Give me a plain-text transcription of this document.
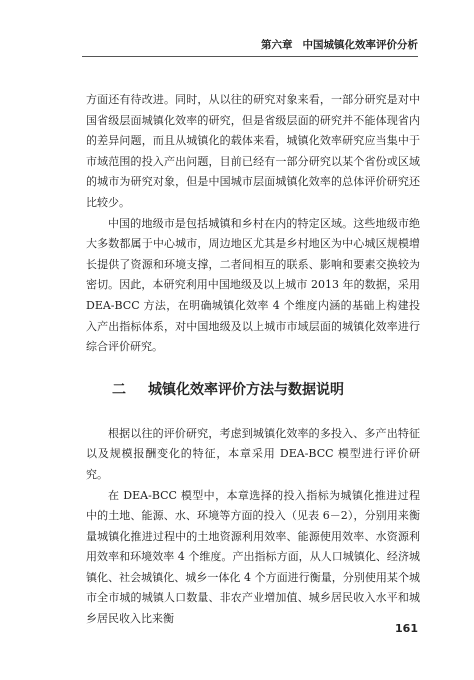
第六章 中国城镇化效率评价分析

方面还有待改进。同时，从以往的研究对象来看，一部分研究是对中国省级层面城镇化效率的研究，但是省级层面的研究并不能体现省内的差异问题，而且从城镇化的载体来看，城镇化效率研究应当集中于市域范围的投入产出问题，目前已经有一部分研究以某个省份或区域的城市为研究对象，但是中国城市层面城镇化效率的总体评价研究还比较少。

中国的地级市是包括城镇和乡村在内的特定区域。这些地级市绝大多数都属于中心城市，周边地区尤其是乡村地区为中心城区规模增长提供了资源和环境支撑，二者间相互的联系、影响和要素交换较为密切。因此，本研究利用中国地级及以上城市 2013 年的数据，采用 DEA-BCC 方法，在明确城镇化效率 4 个维度内涵的基础上构建投入产出指标体系，对中国地级及以上城市市域层面的城镇化效率进行综合评价研究。

二 城镇化效率评价方法与数据说明

根据以往的评价研究，考虑到城镇化效率的多投入、多产出特征以及规模报酬变化的特征，本章采用 DEA-BCC 模型进行评价研究。

在 DEA-BCC 模型中，本章选择的投入指标为城镇化推进过程中的土地、能源、水、环境等方面的投入（见表 6－2），分别用来衡量城镇化推进过程中的土地资源利用效率、能源使用效率、水资源利用效率和环境效率 4 个维度。产出指标方面，从人口城镇化、经济城镇化、社会城镇化、城乡一体化 4 个方面进行衡量，分别使用某个城市全市城的城镇人口数量、非农产业增加值、城乡居民收入水平和城乡居民收入比来衡

161
